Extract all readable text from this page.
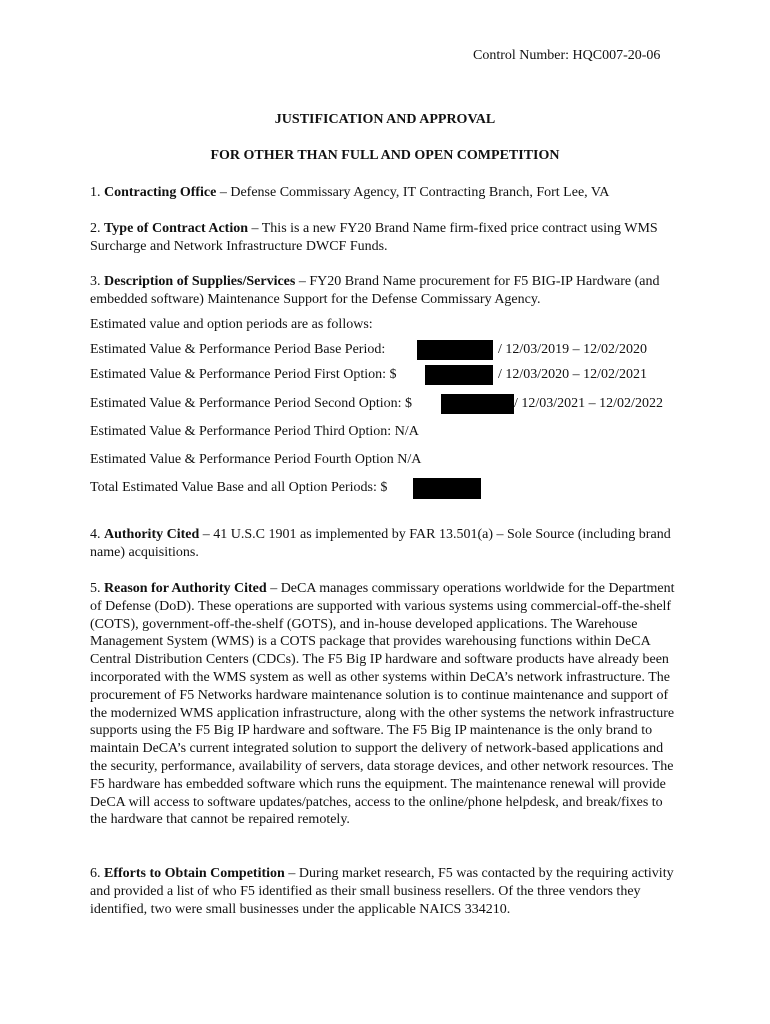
Control Number: HQC007-20-06
JUSTIFICATION AND APPROVAL
FOR OTHER THAN FULL AND OPEN COMPETITION
1. Contracting Office – Defense Commissary Agency, IT Contracting Branch, Fort Lee, VA
2. Type of Contract Action – This is a new FY20 Brand Name firm-fixed price contract using WMS Surcharge and Network Infrastructure DWCF Funds.
3. Description of Supplies/Services – FY20 Brand Name procurement for F5 BIG-IP Hardware (and embedded software) Maintenance Support for the Defense Commissary Agency.
Estimated value and option periods are as follows:
Estimated Value & Performance Period Base Period:	/ 12/03/2019 – 12/02/2020
Estimated Value & Performance Period First Option: $	/ 12/03/2020 – 12/02/2021
Estimated Value & Performance Period Second Option: $	/ 12/03/2021 – 12/02/2022
Estimated Value & Performance Period Third Option: N/A
Estimated Value & Performance Period Fourth Option N/A
Total Estimated Value Base and all Option Periods: $
4. Authority Cited – 41 U.S.C 1901 as implemented by FAR 13.501(a) – Sole Source (including brand name) acquisitions.
5. Reason for Authority Cited – DeCA manages commissary operations worldwide for the Department of Defense (DoD). These operations are supported with various systems using commercial-off-the-shelf (COTS), government-off-the-shelf (GOTS), and in-house developed applications. The Warehouse Management System (WMS) is a COTS package that provides warehousing functions within DeCA Central Distribution Centers (CDCs). The F5 Big IP hardware and software products have already been incorporated with the WMS system as well as other systems within DeCA’s network infrastructure. The procurement of F5 Networks hardware maintenance solution is to continue maintenance and support of the modernized WMS application infrastructure, along with the other systems the network infrastructure supports using the F5 Big IP hardware and software. The F5 Big IP maintenance is the only brand to maintain DeCA’s current integrated solution to support the delivery of network-based applications and the security, performance, availability of servers, data storage devices, and other network resources. The F5 hardware has embedded software which runs the equipment. The maintenance renewal will provide DeCA will access to software updates/patches, access to the online/phone helpdesk, and break/fixes to the hardware that cannot be repaired remotely.
6. Efforts to Obtain Competition – During market research, F5 was contacted by the requiring activity and provided a list of who F5 identified as their small business resellers. Of the three vendors they identified, two were small businesses under the applicable NAICS 334210.
